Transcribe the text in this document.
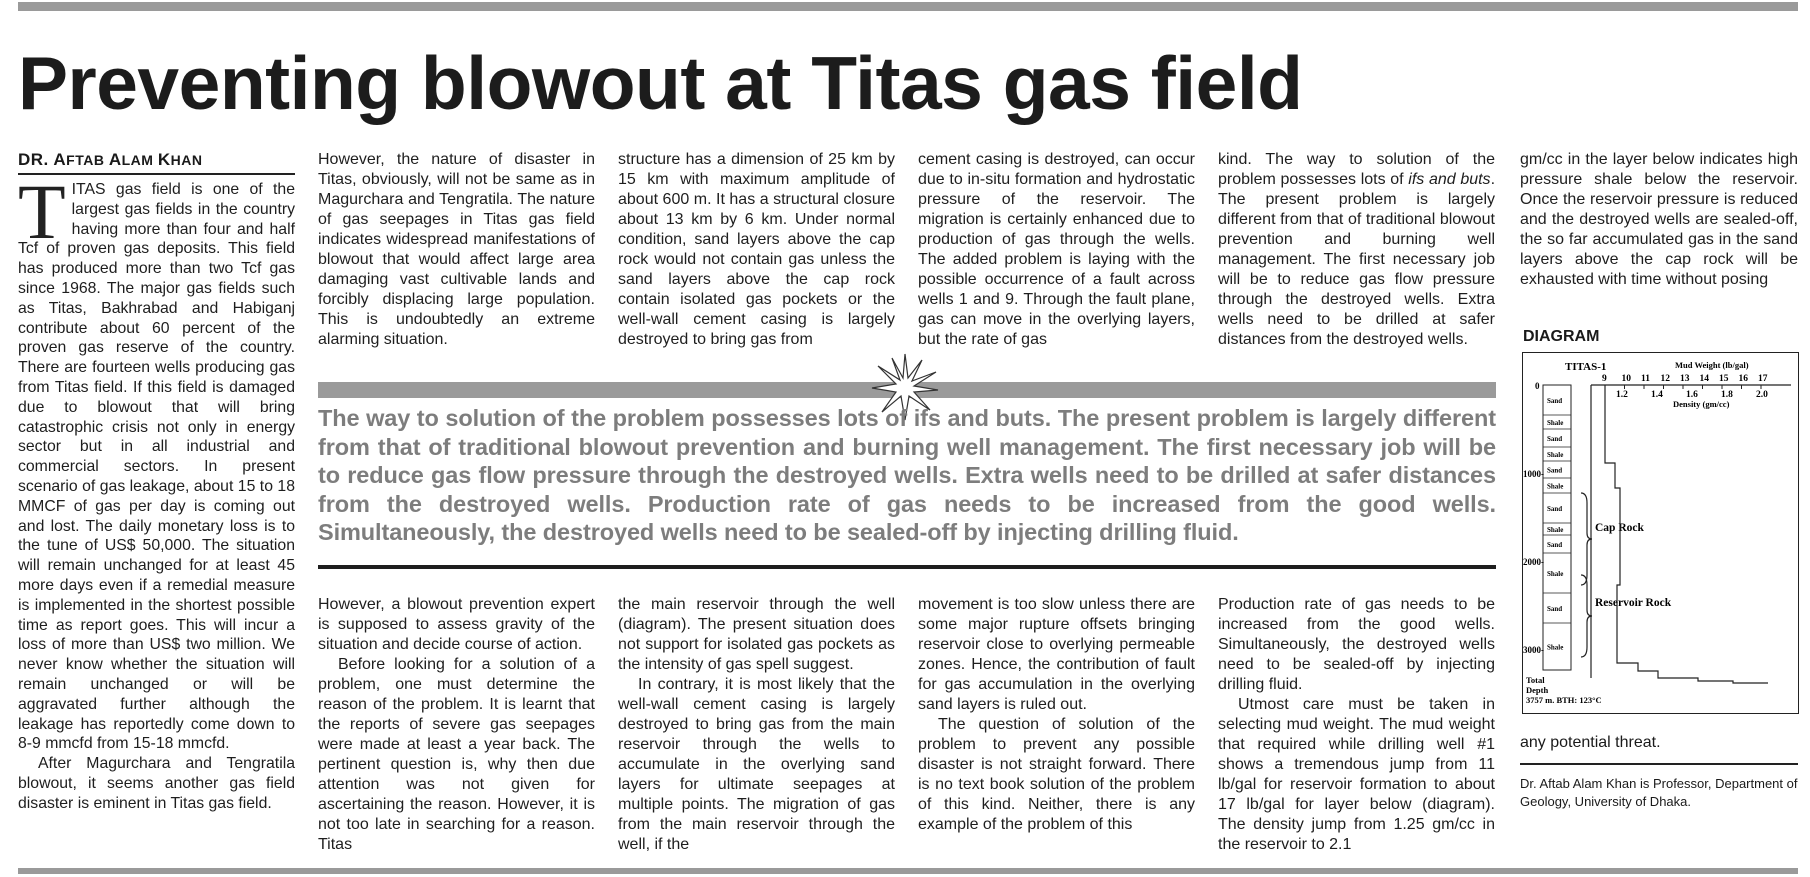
Preventing blowout at Titas gas field
DR. AFTAB ALAM KHAN

TITAS gas field is one of the largest gas fields in the country having more than four and half Tcf of proven gas deposits. This field has produced more than two Tcf gas since 1968. The major gas fields such as Titas, Bakhrabad and Habiganj contribute about 60 percent of the proven gas reserve of the country. There are fourteen wells producing gas from Titas field. If this field is damaged due to blowout that will bring catastrophic crisis not only in energy sector but in all industrial and commercial sectors. In present scenario of gas leakage, about 15 to 18 MMCF of gas per day is coming out and lost. The daily monetary loss is to the tune of US$ 50,000. The situation will remain unchanged for at least 45 more days even if a remedial measure is implemented in the shortest possible time as report goes. This will incur a loss of more than US$ two million. We never know whether the situation will remain unchanged or will be aggravated further although the leakage has reportedly come down to 8-9 mmcfd from 15-18 mmcfd.

After Magurchara and Tengratila blowout, it seems another gas field disaster is eminent in Titas gas field.

However, the nature of disaster in Titas, obviously, will not be same as in Magurchara and Tengratila. The nature of gas seepages in Titas gas field indicates widespread manifestations of blowout that would affect large area damaging vast cultivable lands and forcibly displacing large population. This is undoubtedly an extreme alarming situation.
structure has a dimension of 25 km by 15 km with maximum amplitude of about 600 m. It has a structural closure about 13 km by 6 km. Under normal condition, sand layers above the cap rock would not contain gas unless the sand layers above the cap rock contain isolated gas pockets or the well-wall cement casing is largely destroyed to bring gas from
cement casing is destroyed, can occur due to in-situ formation and hydrostatic pressure of the reservoir. The migration is certainly enhanced due to production of gas through the wells. The added problem is laying with the possible occurrence of a fault across wells 1 and 9. Through the fault plane, gas can move in the overlying layers, but the rate of gas
kind. The way to solution of the problem possesses lots of ifs and buts. The present problem is largely different from that of traditional blowout prevention and burning well management. The first necessary job will be to reduce gas flow pressure through the destroyed wells. Extra wells need to be drilled at safer distances from the destroyed wells.
gm/cc in the layer below indicates high pressure shale below the reservoir. Once the reservoir pressure is reduced and the destroyed wells are sealed-off, the so far accumulated gas in the sand layers above the cap rock will be exhausted with time without posing
The way to solution of the problem possesses lots of ifs and buts. The present problem is largely different from that of traditional blowout prevention and burning well management. The first necessary job will be to reduce gas flow pressure through the destroyed wells. Extra wells need to be drilled at safer distances from the destroyed wells. Production rate of gas needs to be increased from the good wells. Simultaneously, the destroyed wells need to be sealed-off by injecting drilling fluid.

However, a blowout prevention expert is supposed to assess gravity of the situation and decide course of action.

Before looking for a solution of a problem, one must determine the reason of the problem. It is learnt that the reports of severe gas seepages were made at least a year back. The pertinent question is, why then due attention was not given for ascertaining the reason. However, it is not too late in searching for a reason. Titas

the main reservoir through the well (diagram). The present situation does not support for isolated gas pockets as the intensity of gas spell suggest.

In contrary, it is most likely that the well-wall cement casing is largely destroyed to bring gas from the main reservoir through the wells to accumulate in the overlying sand layers for ultimate seepages at multiple points. The migration of gas from the main reservoir through the well, if the

movement is too slow unless there are some major rupture offsets bringing reservoir close to overlying permeable zones. Hence, the contribution of fault for gas accumulation in the overlying sand layers is ruled out.

The question of solution of the problem to prevent any possible disaster is not straight forward. There is no text book solution of the problem of this kind. Neither, there is any example of the problem of this

Production rate of gas needs to be increased from the good wells. Simultaneously, the destroyed wells need to be sealed-off by injecting drilling fluid.

Utmost care must be taken in selecting mud weight. The mud weight that required while drilling well #1 shows a tremendous jump from 11 lb/gal for reservoir formation to about 17 lb/gal for layer below (diagram). The density jump from 1.25 gm/cc in the reservoir to 2.1

DIAGRAM
TITAS-1	Mud Weight (lb/gal)
9 10 11 12 13 14 15 16 17
1.2 1.4 1.6 1.8 2.0
Density (gm/cc)
Sand
Shale
Sand
Shale
Sand
Shale
Sand
Shale
Sand
Shale
Sand
Shale
0
1000-
2000-
3000-
Cap Rock
Reservoir Rock
Total
Depth
3757 m. BTH: 123°C
any potential threat.
Dr. Aftab Alam Khan is Professor, Department of Geology, University of Dhaka.
